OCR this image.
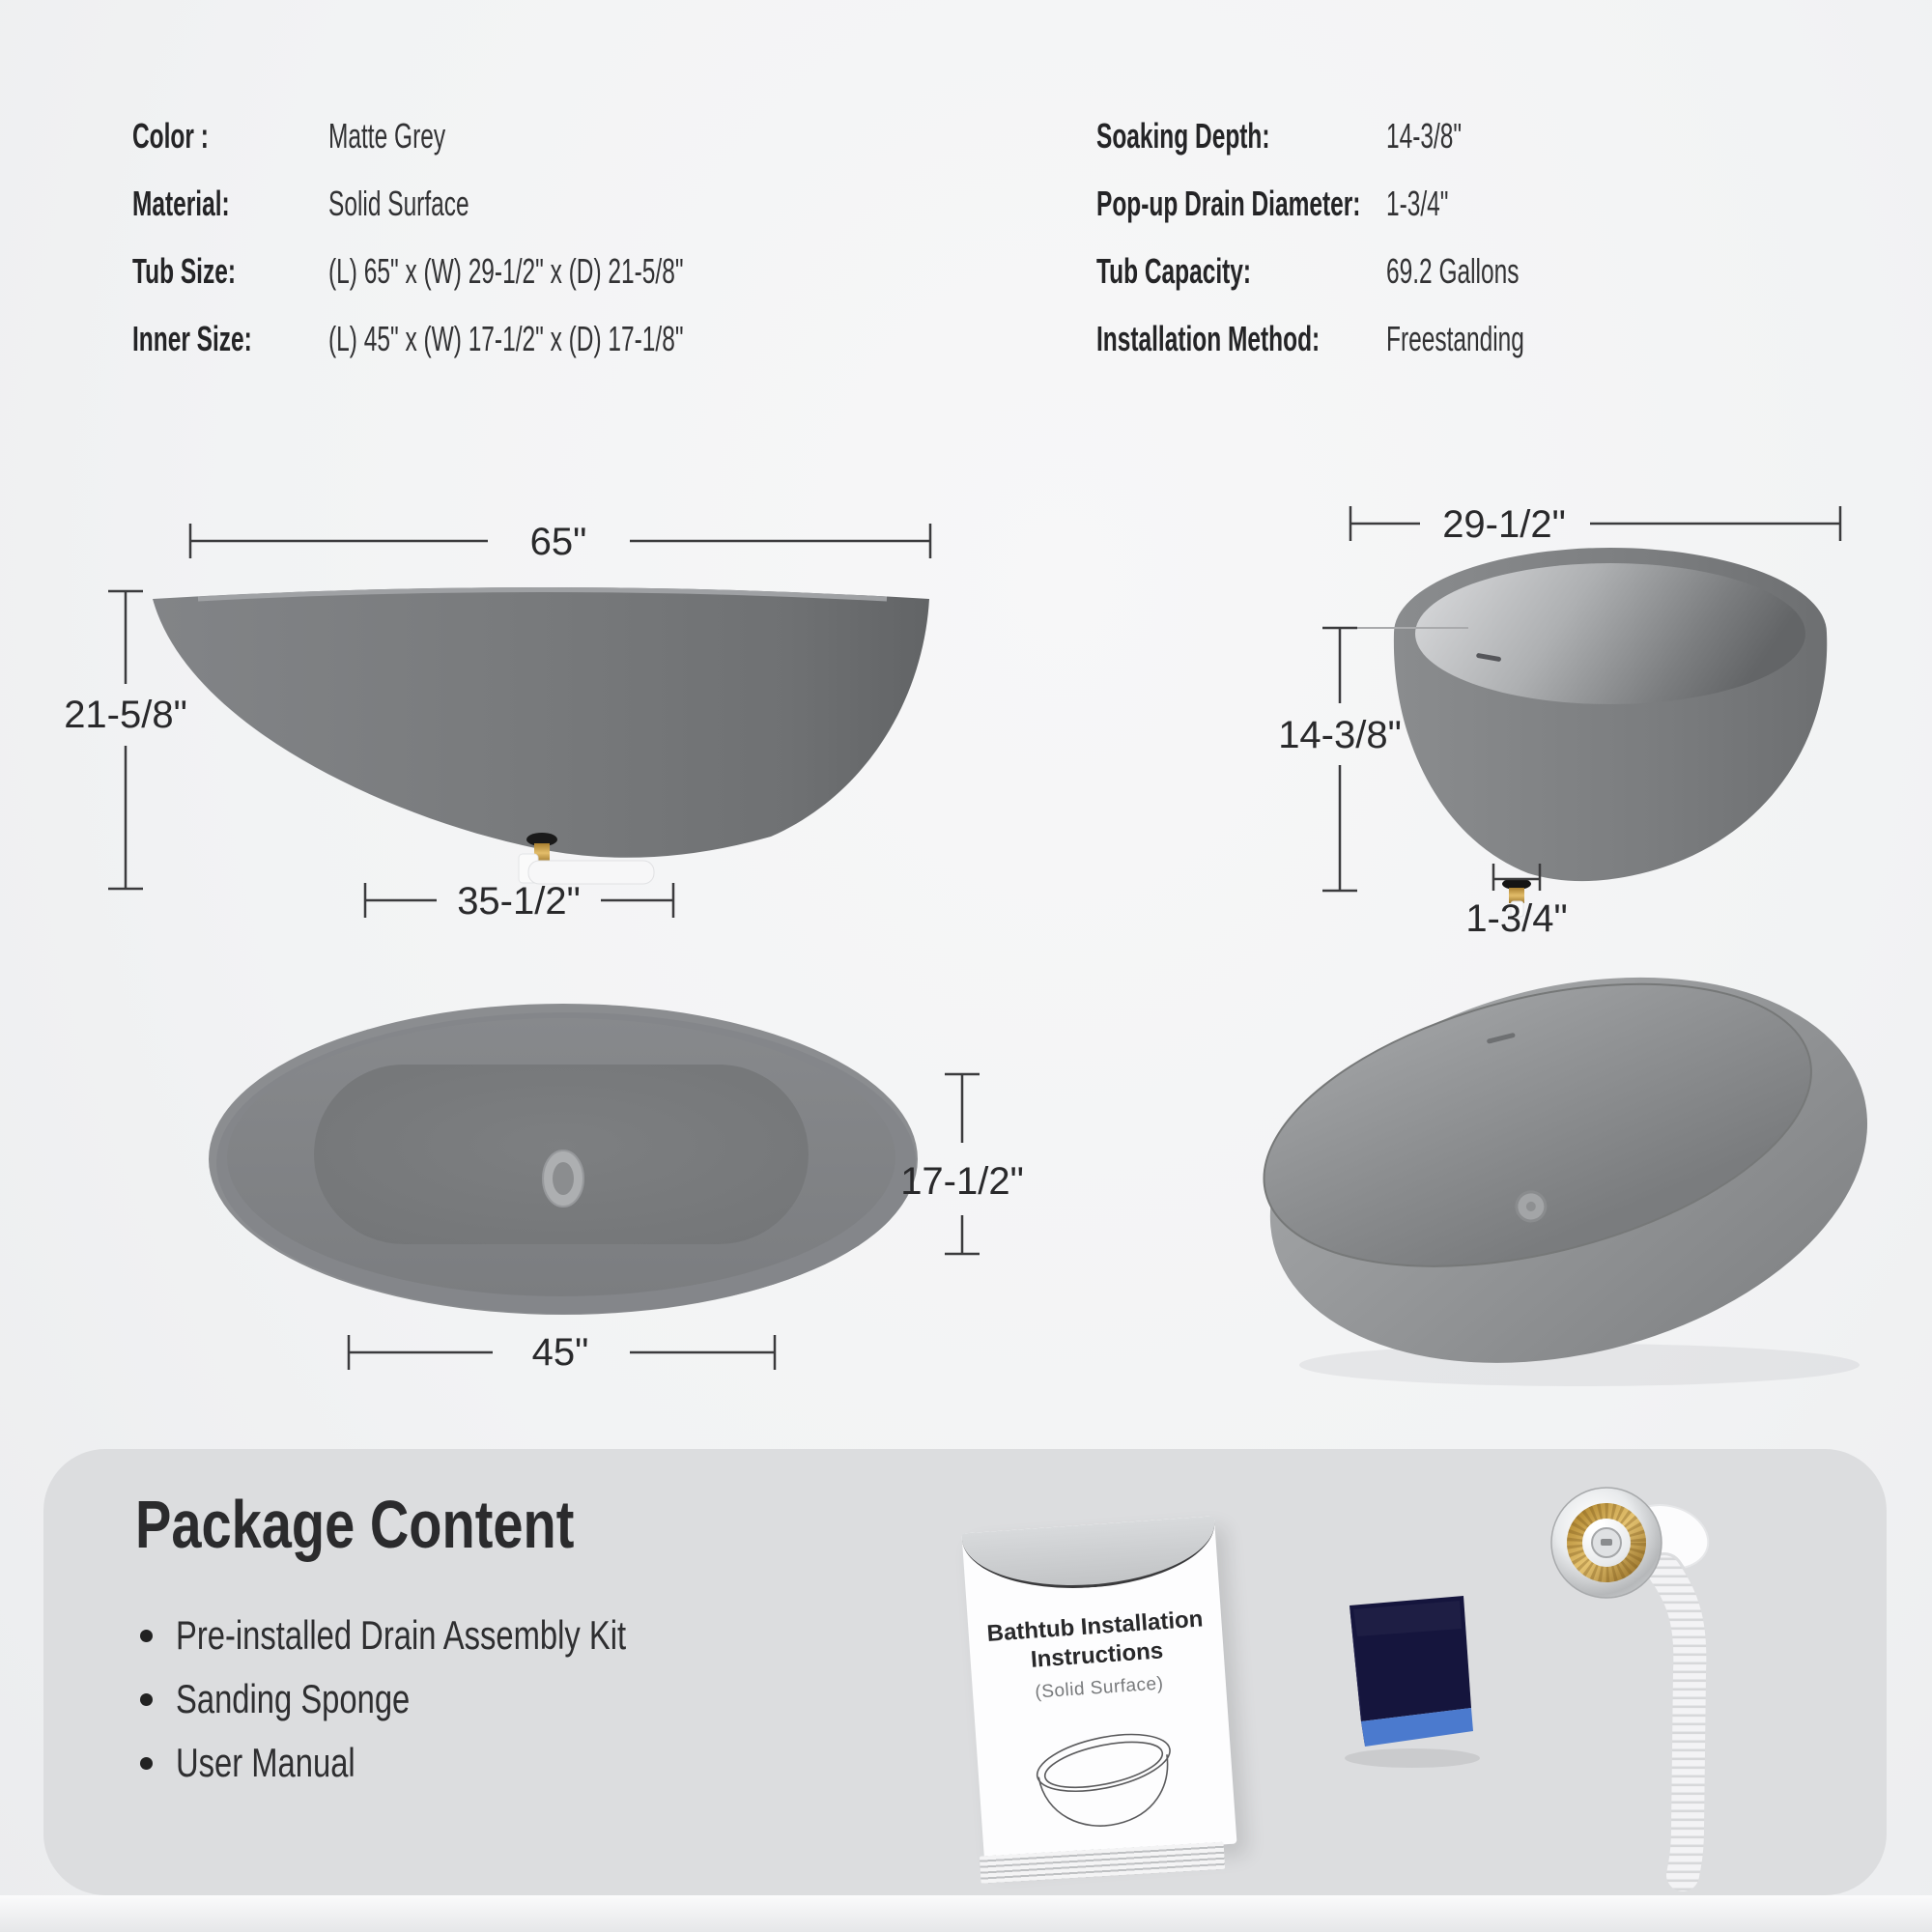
Color :	Matte Grey
Material:	Solid Surface
Tub Size:	(L) 65" x (W) 29-1/2" x (D) 21-5/8"
Inner Size:	(L) 45" x (W) 17-1/2" x (D) 17-1/8"
Soaking Depth:	14-3/8"
Pop-up Drain Diameter: 1-3/4"
Tub Capacity:	69.2 Gallons
Installation Method:	Freestanding
65"
21-5/8"
35-1/2"
29-1/2"
14-3/8"
1-3/4"
17-1/2"
45"
Package Content
Pre-installed Drain Assembly Kit
Sanding Sponge
User Manual
Bathtub Installation Instructions
(Solid Surface)
